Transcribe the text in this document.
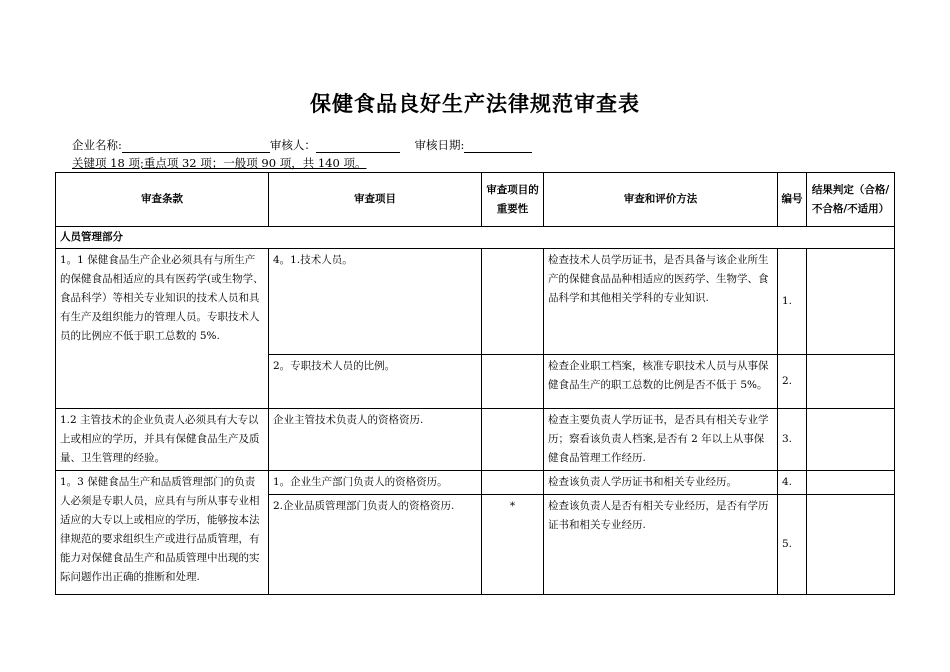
保健食品良好生产法律规范审查表
企业名称:	审核人：	审核日期:
关键项 18 项;重点项 32 项；一般项 90 项，共 140 项。
审查条款	审查项目	审查项目的重要性	审查和评价方法	编号	结果判定（合格/不合格/不适用）
人员管理部分					
1。1 保健食品生产企业必须具有与所生产的保健食品相适应的具有医药学(或生物学、食品科学）等相关专业知识的技术人员和具有生产及组织能力的管理人员。专职技术人员的比例应不低于职工总数的 5%.	4。1.技术人员。		检查技术人员学历证书，是否具备与该企业所生产的保健食品品种相适应的医药学、生物学、食品科学和其他相关学科的专业知识.	1.	
	2。专职技术人员的比例。		检查企业职工档案，核准专职技术人员与从事保健食品生产的职工总数的比例是否不低于 5%。	2.	
1.2 主管技术的企业负责人必须具有大专以上或相应的学历，并具有保健食品生产及质量、卫生管理的经验。	企业主管技术负责人的资格资历.		检查主要负责人学历证书，是否具有相关专业学历；察看该负责人档案,是否有 2 年以上从事保健食品管理工作经历.	3.	
1。3 保健食品生产和品质管理部门的负责人必须是专职人员，应具有与所从事专业相适应的大专以上或相应的学历，能够按本法律规范的要求组织生产或进行品质管理，有能力对保健食品生产和品质管理中出现的实际问题作出正确的推断和处理.	1。企业生产部门负责人的资格资历。		检查该负责人学历证书和相关专业经历。	4.	
	2.企业品质管理部门负责人的资格资历.	*	检查该负责人是否有相关专业经历，是否有学历证书和相关专业经历.	5.	
